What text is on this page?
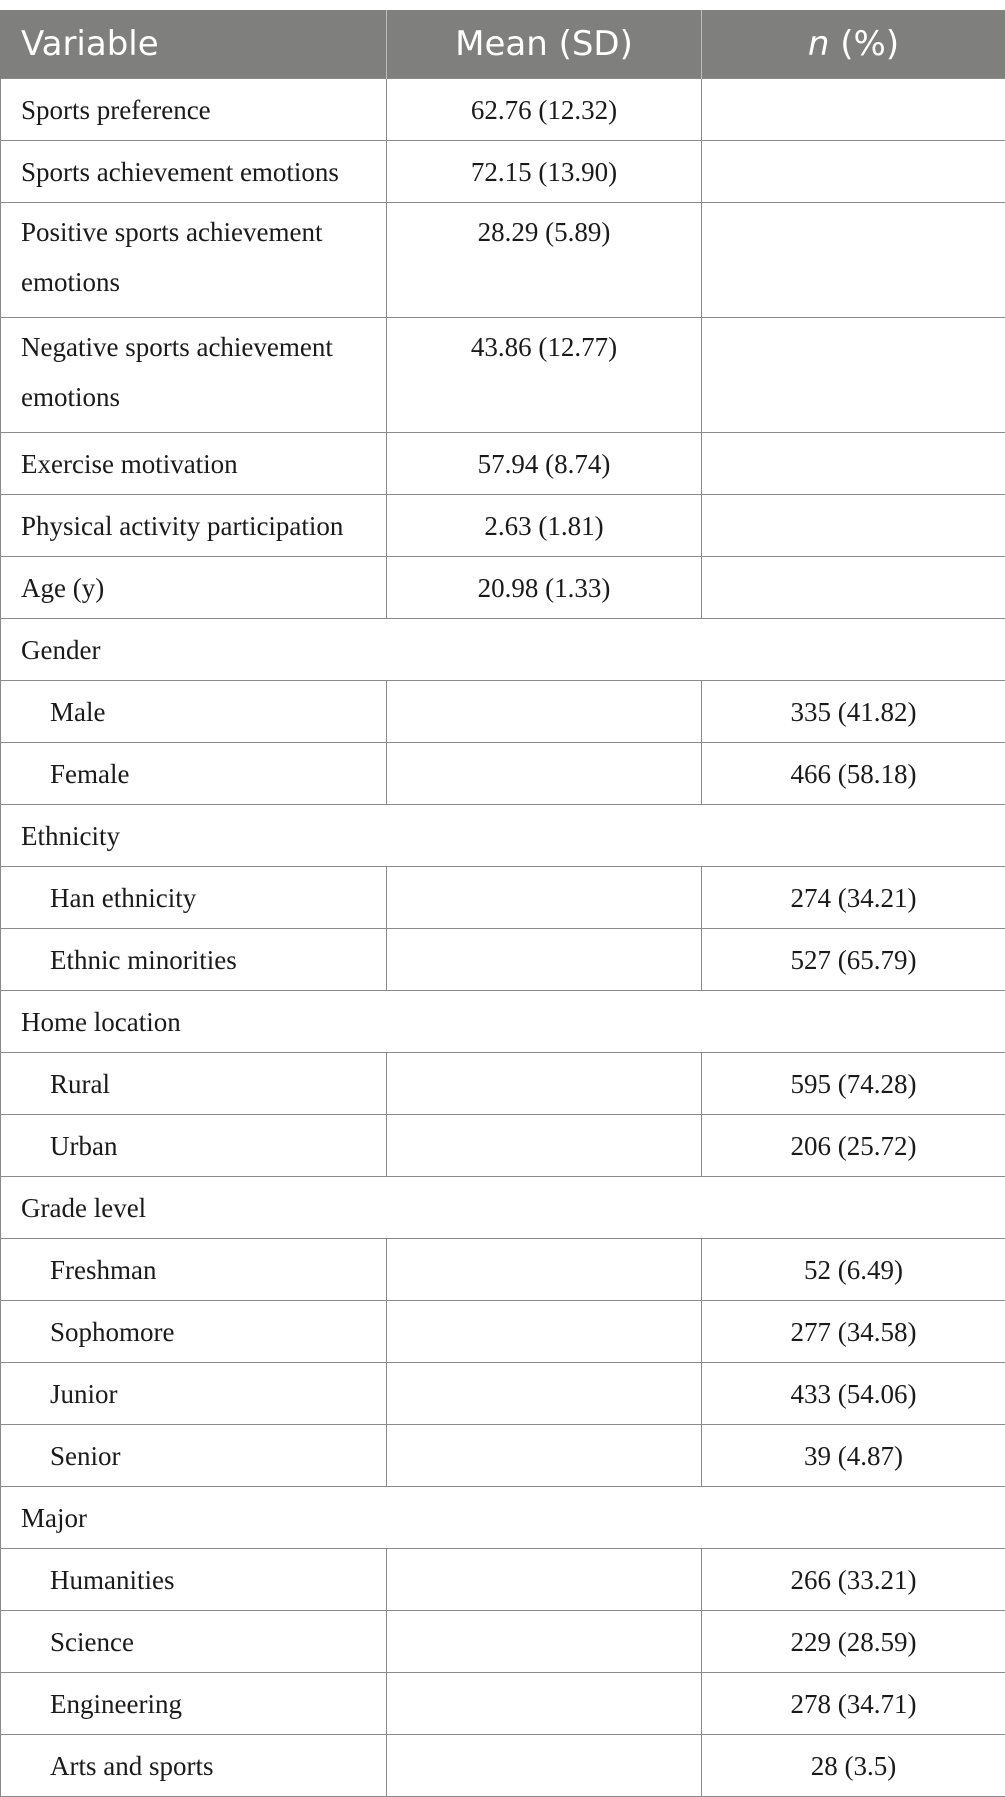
Variable	Mean (SD)	n (%)
Sports preference	62.76 (12.32)	
Sports achievement emotions	72.15 (13.90)	
Positive sports achievement emotions	28.29 (5.89)	
Negative sports achievement emotions	43.86 (12.77)	
Exercise motivation	57.94 (8.74)	
Physical activity participation	2.63 (1.81)	
Age (y)	20.98 (1.33)	
Gender		
Male		335 (41.82)
Female		466 (58.18)
Ethnicity		
Han ethnicity		274 (34.21)
Ethnic minorities		527 (65.79)
Home location		
Rural		595 (74.28)
Urban		206 (25.72)
Grade level		
Freshman		52 (6.49)
Sophomore		277 (34.58)
Junior		433 (54.06)
Senior		39 (4.87)
Major		
Humanities		266 (33.21)
Science		229 (28.59)
Engineering		278 (34.71)
Arts and sports		28 (3.5)
